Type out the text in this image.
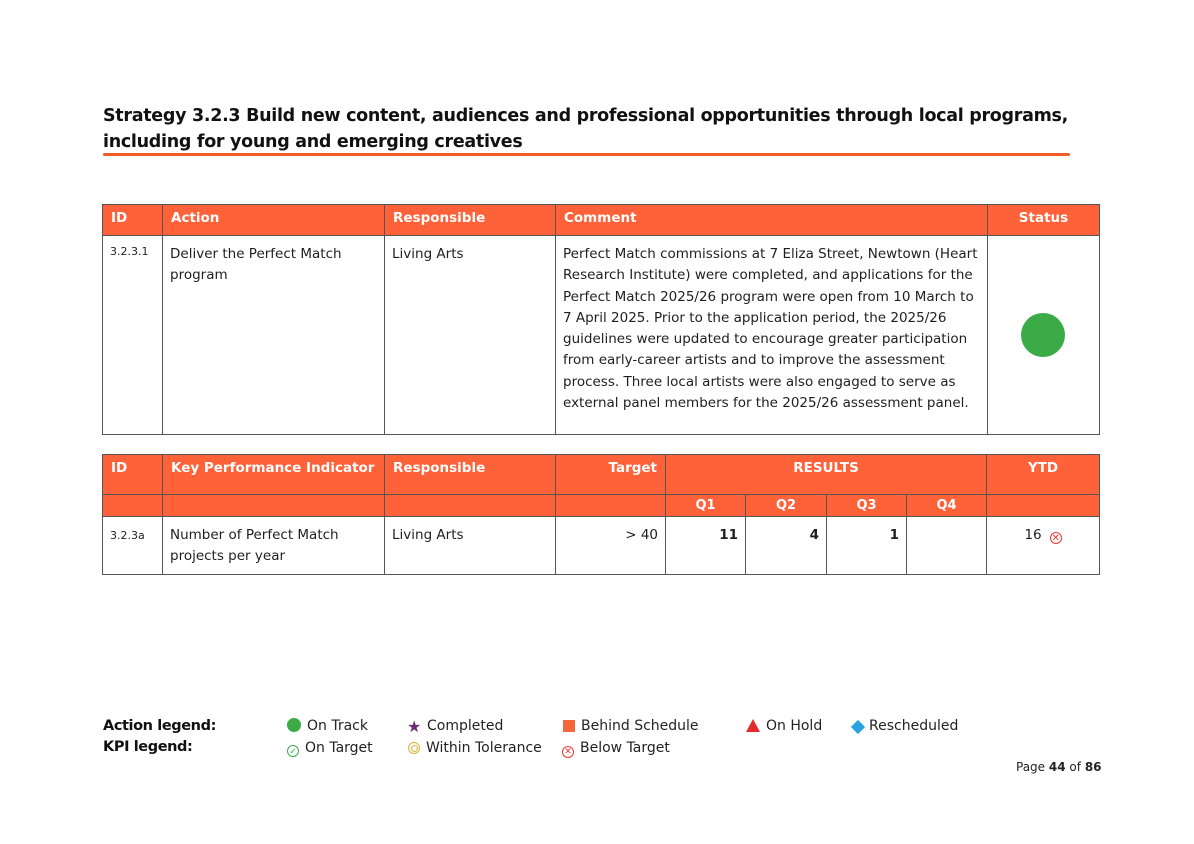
Strategy 3.2.3 Build new content, audiences and professional opportunities through local programs, including for young and emerging creatives
ID	Action	Responsible	Comment	Status
3.2.3.1	Deliver the Perfect Match program	Living Arts	Perfect Match commissions at 7 Eliza Street, Newtown (Heart Research Institute) were completed, and applications for the Perfect Match 2025/26 program were open from 10 March to 7 April 2025. Prior to the application period, the 2025/26 guidelines were updated to encourage greater participation from early-career artists and to improve the assessment process. Three local artists were also engaged to serve as external panel members for the 2025/26 assessment panel.	
ID	Key Performance Indicator	Responsible	Target	RESULTS				YTD
				Q1	Q2	Q3	Q4	
3.2.3a	Number of Perfect Match projects per year	Living Arts	> 40	11	4	1		16 ✕
Action legend:
KPI legend:
On Track ★ Completed	Behind Schedule	On Hold	Rescheduled
✓ On Target	Within Tolerance ✕ Below Target
Page 44 of 86
